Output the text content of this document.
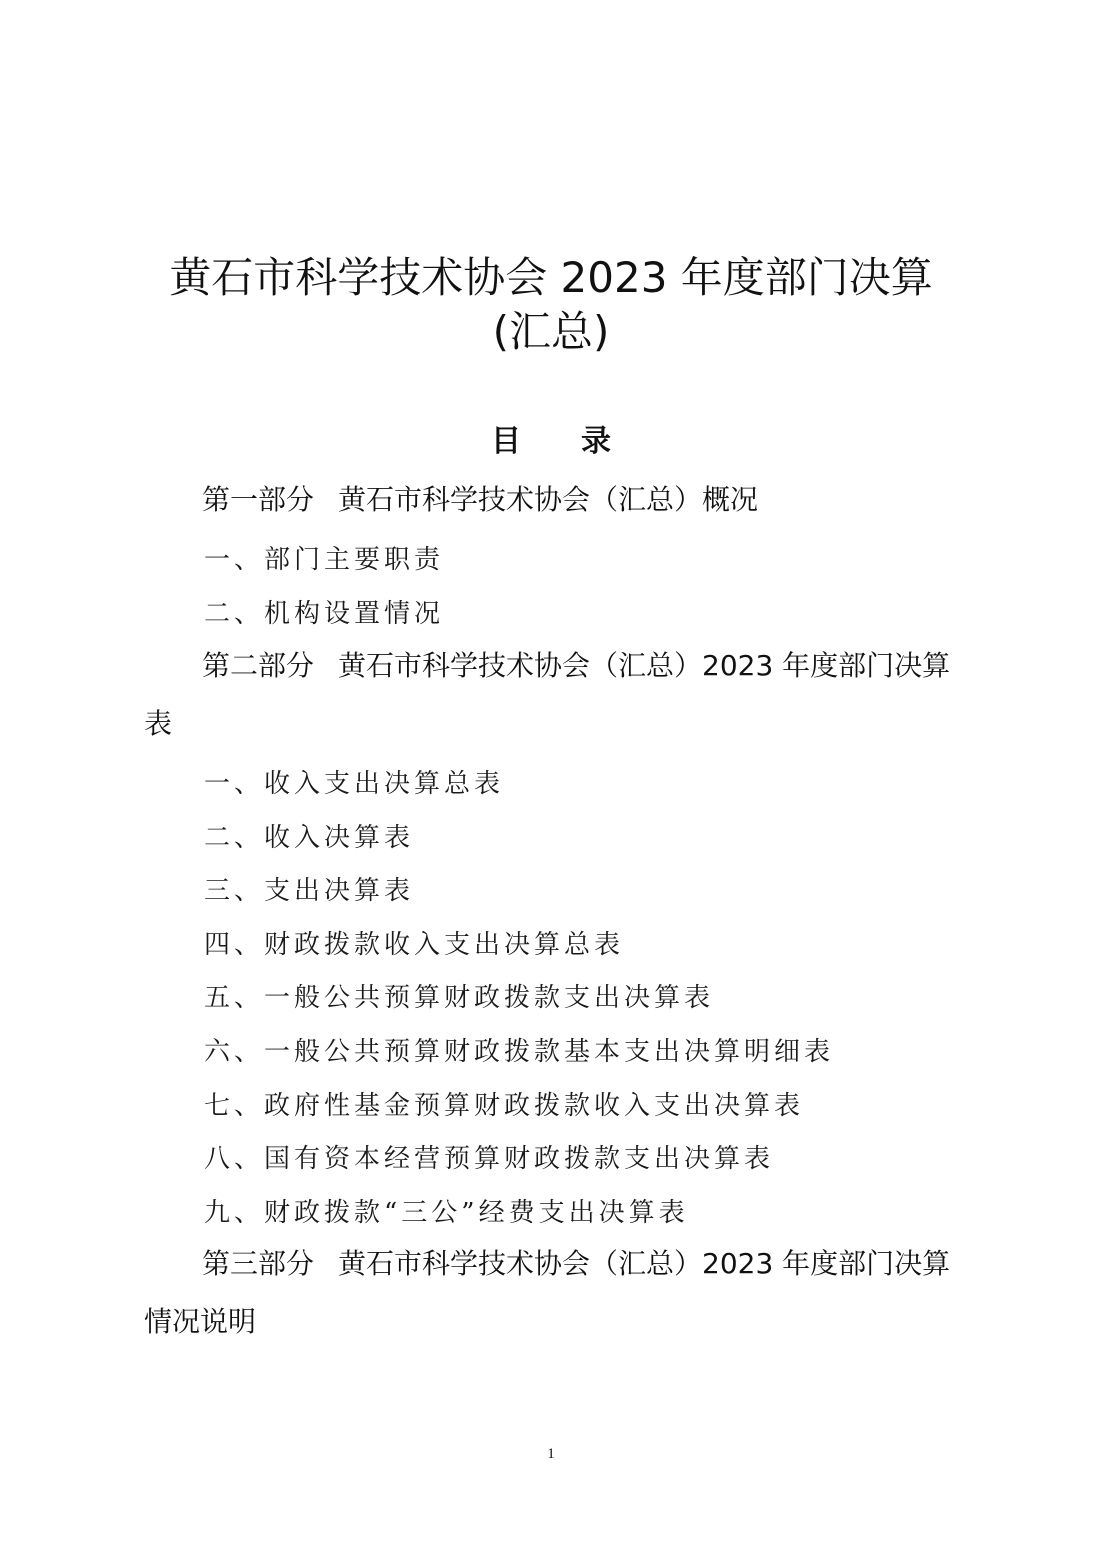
黄石市科学技术协会 2023 年度部门决算
(汇总)
目录

第一部分 黄石市科学技术协会（汇总）概况

一、部门主要职责

二、机构设置情况

第二部分 黄石市科学技术协会（汇总）2023 年度部门决算表

一、收入支出决算总表

二、收入决算表

三、支出决算表

四、财政拨款收入支出决算总表

五、一般公共预算财政拨款支出决算表

六、一般公共预算财政拨款基本支出决算明细表

七、政府性基金预算财政拨款收入支出决算表

八、国有资本经营预算财政拨款支出决算表

九、财政拨款“三公”经费支出决算表

第三部分 黄石市科学技术协会（汇总）2023 年度部门决算情况说明

1
